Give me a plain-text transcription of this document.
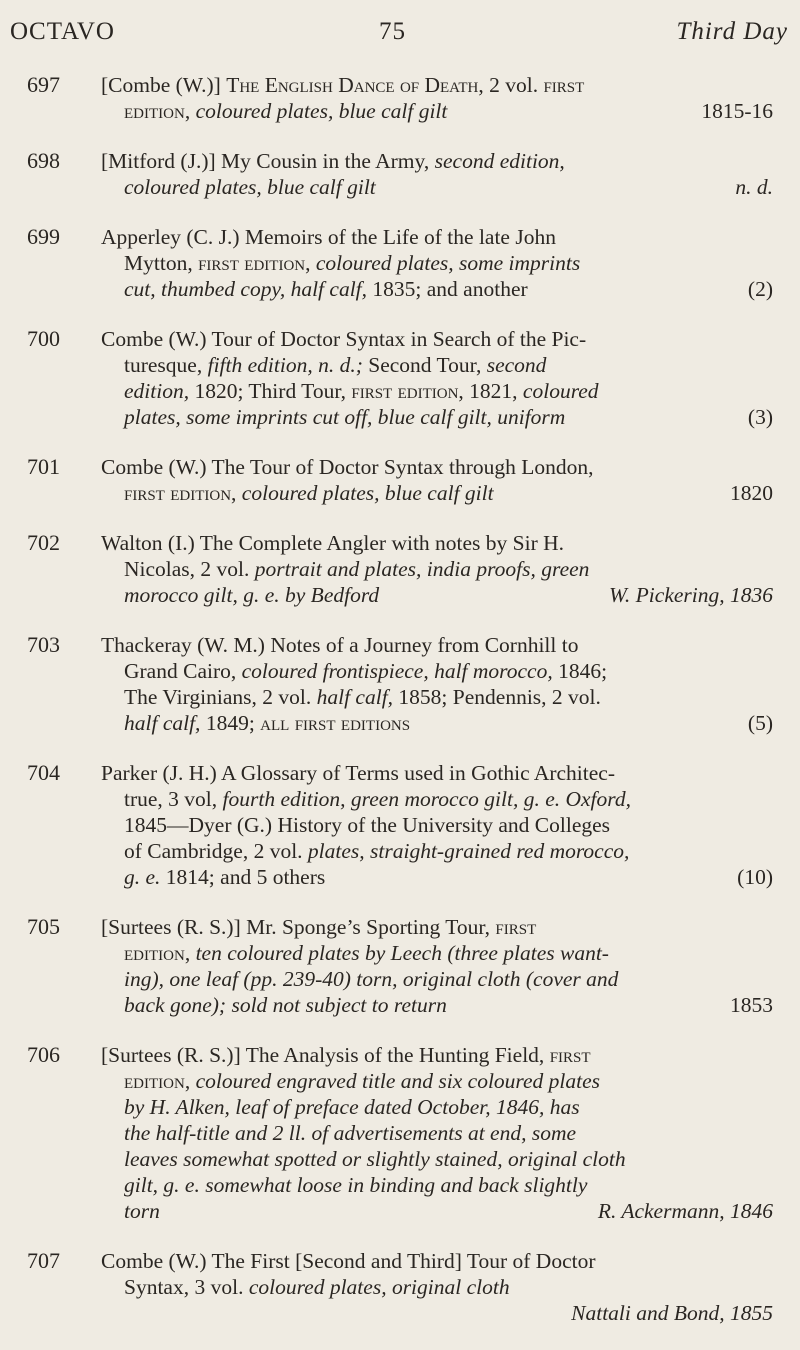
OCTAVO	75	Third Day
697	[Combe (W.)] The English Dance of Death, 2 vol. first
edition, coloured plates, blue calf gilt	1815-16
698	[Mitford (J.)] My Cousin in the Army, second edition,
coloured plates, blue calf gilt	n. d.
699	Apperley (C. J.) Memoirs of the Life of the late John
Mytton, first edition, coloured plates, some imprints
cut, thumbed copy, half calf, 1835; and another	(2)
700	Combe (W.) Tour of Doctor Syntax in Search of the Pic-
turesque, fifth edition, n. d.; Second Tour, second
edition, 1820; Third Tour, first edition, 1821, coloured
plates, some imprints cut off, blue calf gilt, uniform	(3)
701	Combe (W.) The Tour of Doctor Syntax through London,
first edition, coloured plates, blue calf gilt	1820
702	Walton (I.) The Complete Angler with notes by Sir H.
Nicolas, 2 vol. portrait and plates, india proofs, green
morocco gilt, g. e. by Bedford	W. Pickering, 1836
703	Thackeray (W. M.) Notes of a Journey from Cornhill to
Grand Cairo, coloured frontispiece, half morocco, 1846;
The Virginians, 2 vol. half calf, 1858; Pendennis, 2 vol.
half calf, 1849; all first editions	(5)
704	Parker (J. H.) A Glossary of Terms used in Gothic Architec-
true, 3 vol, fourth edition, green morocco gilt, g. e. Oxford,
1845—Dyer (G.) History of the University and Colleges
of Cambridge, 2 vol. plates, straight-grained red morocco,
g. e. 1814; and 5 others	(10)
705	[Surtees (R. S.)] Mr. Sponge’s Sporting Tour, first
edition, ten coloured plates by Leech (three plates want-
ing), one leaf (pp. 239-40) torn, original cloth (cover and
back gone); sold not subject to return	1853
706	[Surtees (R. S.)] The Analysis of the Hunting Field, first
edition, coloured engraved title and six coloured plates
by H. Alken, leaf of preface dated October, 1846, has
the half-title and 2 ll. of advertisements at end, some
leaves somewhat spotted or slightly stained, original cloth
gilt, g. e. somewhat loose in binding and back slightly
torn	R. Ackermann, 1846
707	Combe (W.) The First [Second and Third] Tour of Doctor
Syntax, 3 vol. coloured plates, original cloth
Nattali and Bond, 1855
